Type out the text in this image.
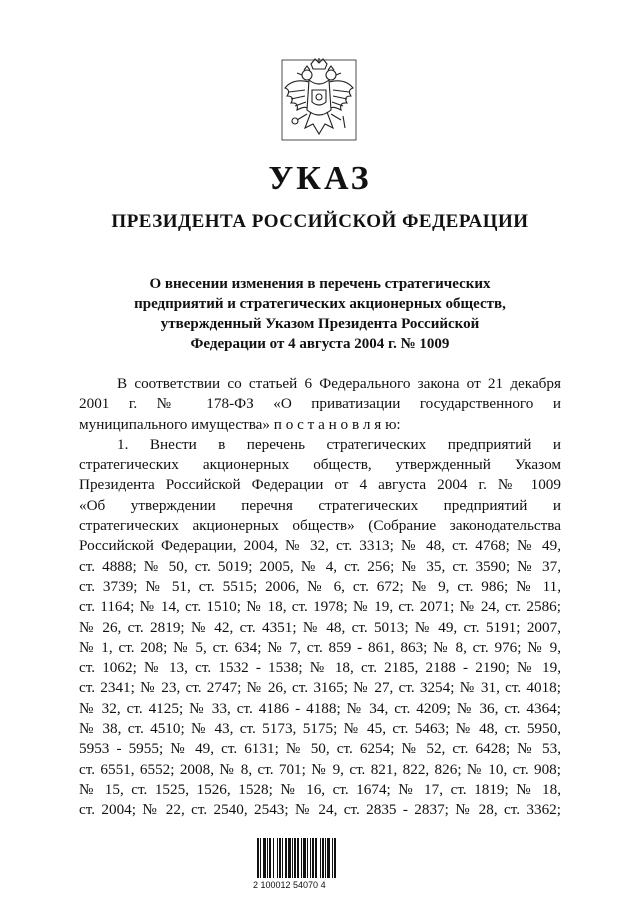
УКАЗ
ПРЕЗИДЕНТА РОССИЙСКОЙ ФЕДЕРАЦИИ
О внесении изменения в перечень стратегических
предприятий и стратегических акционерных обществ,
утвержденный Указом Президента Российской
Федерации от 4 августа 2004 г. № 1009
В соответствии со статьей 6 Федерального закона от 21 декабря
2001 г. № 178-ФЗ «О приватизации государственного и
муниципального имущества» п о с т а н о в л я ю:
1. Внести в перечень стратегических предприятий и
стратегических акционерных обществ, утвержденный Указом
Президента Российской Федерации от 4 августа 2004 г. № 1009
«Об утверждении перечня стратегических предприятий и
стратегических акционерных обществ» (Собрание законодательства
Российской Федерации, 2004, № 32, ст. 3313; № 48, ст. 4768; № 49,
ст. 4888; № 50, ст. 5019; 2005, № 4, ст. 256; № 35, ст. 3590; № 37,
ст. 3739; № 51, ст. 5515; 2006, № 6, ст. 672; № 9, ст. 986; № 11,
ст. 1164; № 14, ст. 1510; № 18, ст. 1978; № 19, ст. 2071; № 24, ст. 2586;
№ 26, ст. 2819; № 42, ст. 4351; № 48, ст. 5013; № 49, ст. 5191; 2007,
№ 1, ст. 208; № 5, ст. 634; № 7, ст. 859 - 861, 863; № 8, ст. 976; № 9,
ст. 1062; № 13, ст. 1532 - 1538; № 18, ст. 2185, 2188 - 2190; № 19,
ст. 2341; № 23, ст. 2747; № 26, ст. 3165; № 27, ст. 3254; № 31, ст. 4018;
№ 32, ст. 4125; № 33, ст. 4186 - 4188; № 34, ст. 4209; № 36, ст. 4364;
№ 38, ст. 4510; № 43, ст. 5173, 5175; № 45, ст. 5463; № 48, ст. 5950,
5953 - 5955; № 49, ст. 6131; № 50, ст. 6254; № 52, ст. 6428; № 53,
ст. 6551, 6552; 2008, № 8, ст. 701; № 9, ст. 821, 822, 826; № 10, ст. 908;
№ 15, ст. 1525, 1526, 1528; № 16, ст. 1674; № 17, ст. 1819; № 18,
ст. 2004; № 22, ст. 2540, 2543; № 24, ст. 2835 - 2837; № 28, ст. 3362;
2 100012 54070 4
